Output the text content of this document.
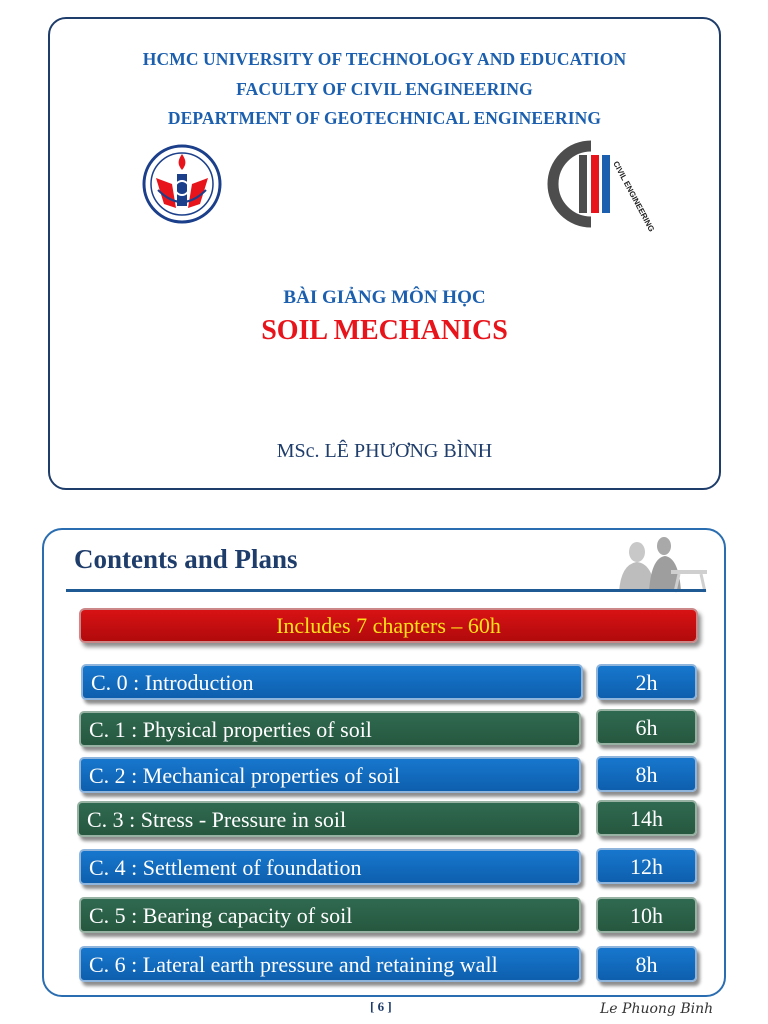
HCMC UNIVERSITY OF TECHNOLOGY AND EDUCATION
FACULTY OF CIVIL ENGINEERING
DEPARTMENT OF GEOTECHNICAL ENGINEERING
CIVIL ENGINEERING
BÀI GIẢNG MÔN HỌC
SOIL MECHANICS
MSc. LÊ PHƯƠNG BÌNH
Contents and Plans
Includes 7 chapters – 60h
C. 0 : Introduction	2h
C. 1 : Physical properties of soil	6h
C. 2 : Mechanical properties of soil	8h
C. 3 : Stress - Pressure in soil	14h
C. 4 : Settlement of foundation	12h
C. 5 : Bearing capacity of soil	10h
C. 6 : Lateral earth pressure and retaining wall	8h
[ 6 ]	Le Phuong Binh
